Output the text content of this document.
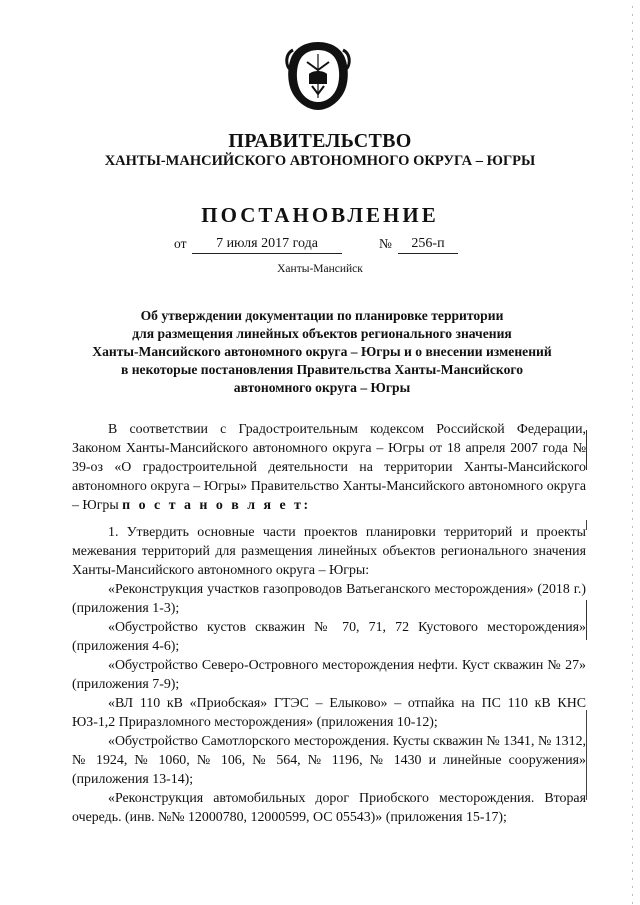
ПРАВИТЕЛЬСТВО
ХАНТЫ-МАНСИЙСКОГО АВТОНОМНОГО ОКРУГА – ЮГРЫ
ПОСТАНОВЛЕНИЕ
от	7 июля 2017 года	№	256-п
Ханты-Мансийск
Об утверждении документации по планировке территории
для размещения линейных объектов регионального значения
Ханты-Мансийского автономного округа – Югры и о внесении изменений
в некоторые постановления Правительства Ханты-Мансийского
автономного округа – Югры

В соответствии с Градостроительным кодексом Российской Федерации, Законом Ханты-Мансийского автономного округа – Югры от 18 апреля 2007 года № 39-оз «О градостроительной деятельности на территории Ханты-Мансийского автономного округа – Югры» Правительство Ханты-Мансийского автономного округа – Югры п о с т а н о в л я е т:

1. Утвердить основные части проектов планировки территорий и проекты межевания территорий для размещения линейных объектов регионального значения Ханты-Мансийского автономного округа – Югры:

«Реконструкция участков газопроводов Ватьеганского месторождения» (2018 г.) (приложения 1-3);

«Обустройство кустов скважин № 70, 71, 72 Кустового месторождения» (приложения 4-6);

«Обустройство Северо-Островного месторождения нефти. Куст скважин № 27» (приложения 7-9);

«ВЛ 110 кВ «Приобская» ГТЭС – Елыково» – отпайка на ПС 110 кВ КНС ЮЗ-1,2 Приразломного месторождения» (приложения 10-12);

«Обустройство Самотлорского месторождения. Кусты скважин № 1341, № 1312, № 1924, № 1060, № 106, № 564, № 1196, № 1430 и линейные сооружения» (приложения 13-14);

«Реконструкция автомобильных дорог Приобского месторождения. Вторая очередь. (инв. №№ 12000780, 12000599, ОС 05543)» (приложения 15-17);
